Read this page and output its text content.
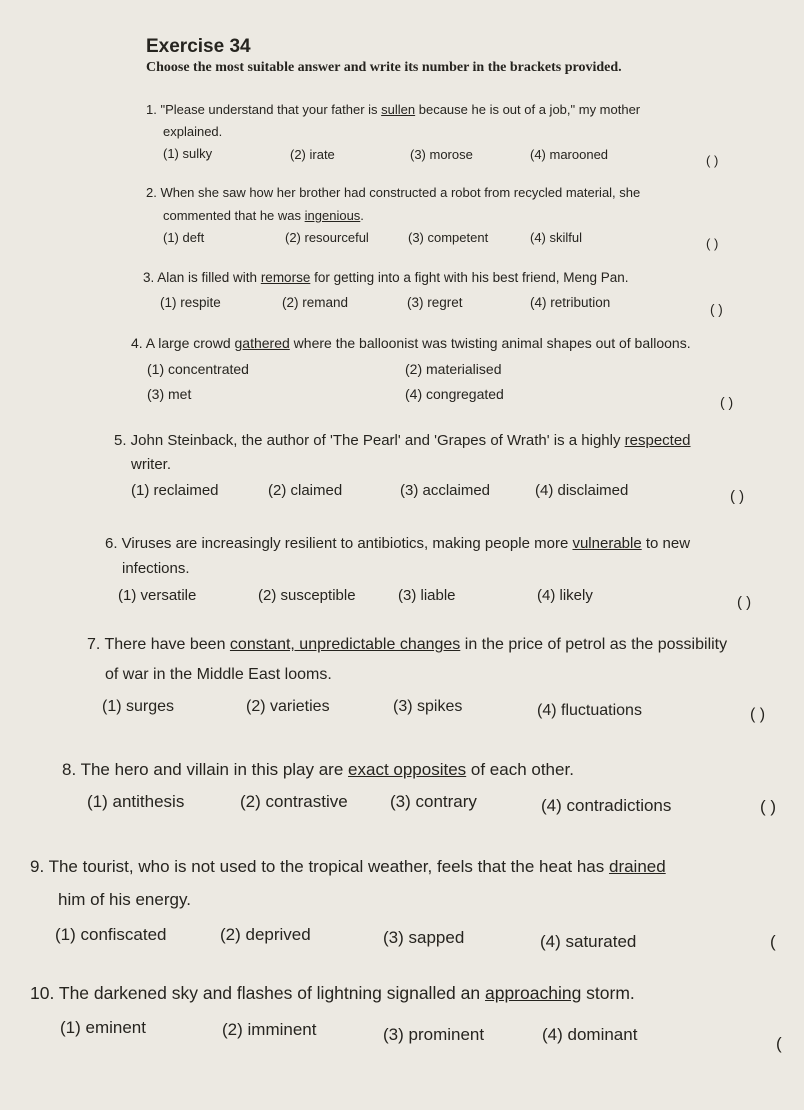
Exercise 34
Choose the most suitable answer and write its number in the brackets provided.
1. "Please understand that your father is sullen because he is out of a job," my mother
explained.
(1) sulky	(2) irate	(3) morose	(4) marooned	( )
2. When she saw how her brother had constructed a robot from recycled material, she
commented that he was ingenious.
(1) deft	(2) resourceful	(3) competent	(4) skilful	( )
3. Alan is filled with remorse for getting into a fight with his best friend, Meng Pan.
(1) respite	(2) remand	(3) regret	(4) retribution	( )
4. A large crowd gathered where the balloonist was twisting animal shapes out of balloons.
(1) concentrated	(2) materialised
(3) met	(4) congregated	( )
5. John Steinback, the author of 'The Pearl' and 'Grapes of Wrath' is a highly respected
writer.
(1) reclaimed	(2) claimed	(3) acclaimed	(4) disclaimed	( )
6. Viruses are increasingly resilient to antibiotics, making people more vulnerable to new
infections.
(1) versatile	(2) susceptible	(3) liable	(4) likely	( )
7. There have been constant, unpredictable changes in the price of petrol as the possibility
of war in the Middle East looms.
(1) surges	(2) varieties	(3) spikes	(4) fluctuations	( )
8. The hero and villain in this play are exact opposites of each other.
(1) antithesis	(2) contrastive (3) contrary	(4) contradictions	( )
9. The tourist, who is not used to the tropical weather, feels that the heat has drained
him of his energy.
(1) confiscated	(2) deprived	(3) sapped	(4) saturated	(
10. The darkened sky and flashes of lightning signalled an approaching storm.
(1) eminent	(2) imminent	(3) prominent	(4) dominant	(
